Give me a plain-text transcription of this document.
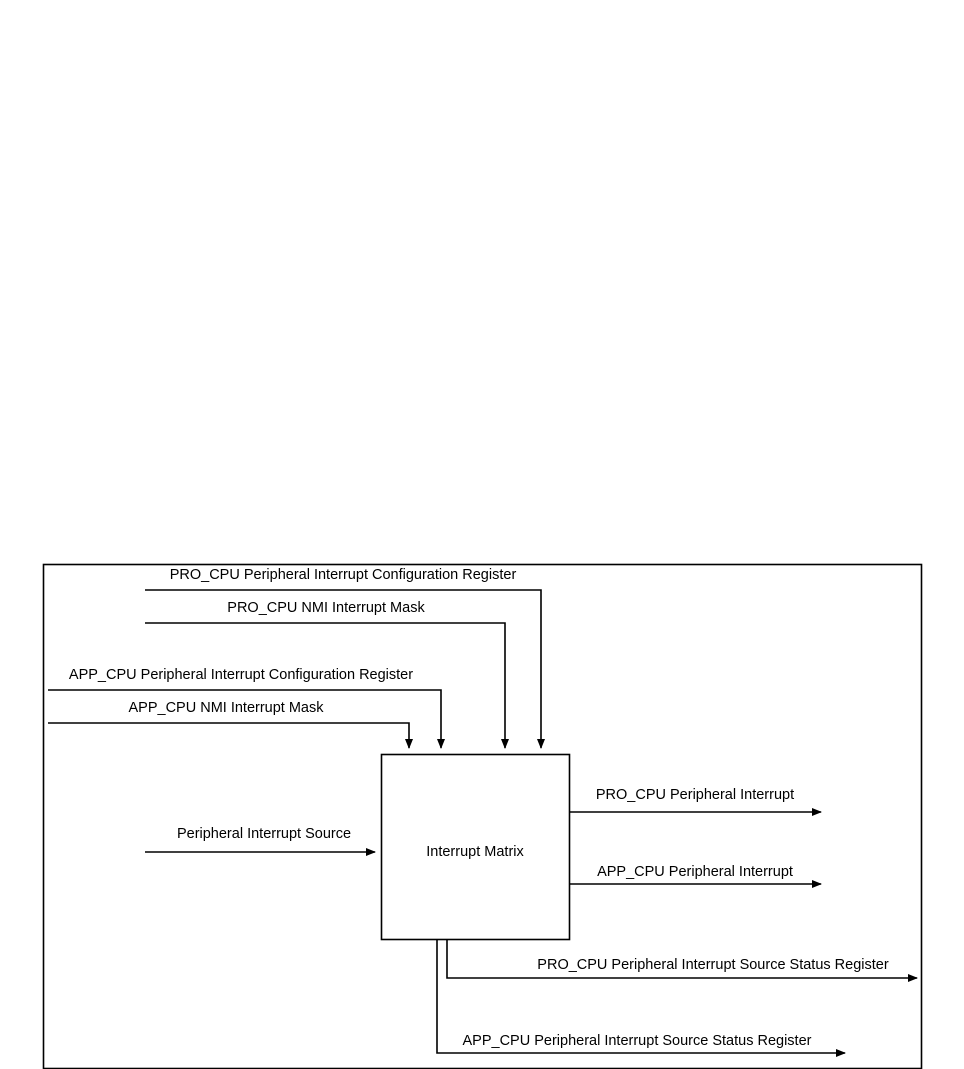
Interrupt Matrix
PRO_CPU Peripheral Interrupt Configuration Register
PRO_CPU NMI Interrupt Mask
APP_CPU Peripheral Interrupt Configuration Register
APP_CPU NMI Interrupt Mask
Peripheral Interrupt Source
PRO_CPU Peripheral Interrupt
APP_CPU Peripheral Interrupt
PRO_CPU Peripheral Interrupt Source Status Register
APP_CPU Peripheral Interrupt Source Status Register
